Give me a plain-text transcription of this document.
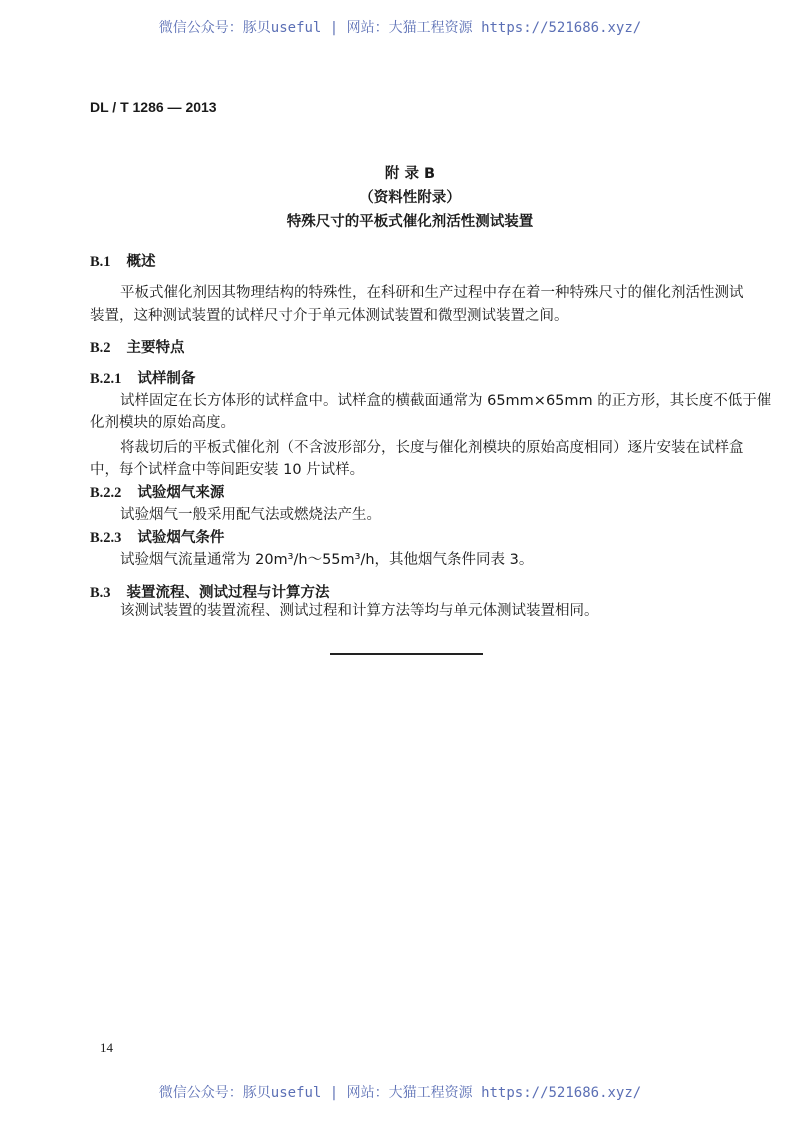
微信公众号：豚贝useful | 网站：大猫工程资源 https://521686.xyz/
DL / T 1286 — 2013
附 录 B
（资料性附录）
特殊尺寸的平板式催化剂活性测试装置
B.1 概述
平板式催化剂因其物理结构的特殊性，在科研和生产过程中存在着一种特殊尺寸的催化剂活性测试
装置，这种测试装置的试样尺寸介于单元体测试装置和微型测试装置之间。
B.2 主要特点
B.2.1 试样制备
试样固定在长方体形的试样盒中。试样盒的横截面通常为 65mm×65mm 的正方形，其长度不低于催
化剂模块的原始高度。
将裁切后的平板式催化剂（不含波形部分，长度与催化剂模块的原始高度相同）逐片安装在试样盒
中，每个试样盒中等间距安装 10 片试样。
B.2.2 试验烟气来源
试验烟气一般采用配气法或燃烧法产生。
B.2.3 试验烟气条件
试验烟气流量通常为 20m³/h～55m³/h，其他烟气条件同表 3。
B.3 装置流程、测试过程与计算方法
该测试装置的装置流程、测试过程和计算方法等均与单元体测试装置相同。
14
微信公众号：豚贝useful | 网站：大猫工程资源 https://521686.xyz/
